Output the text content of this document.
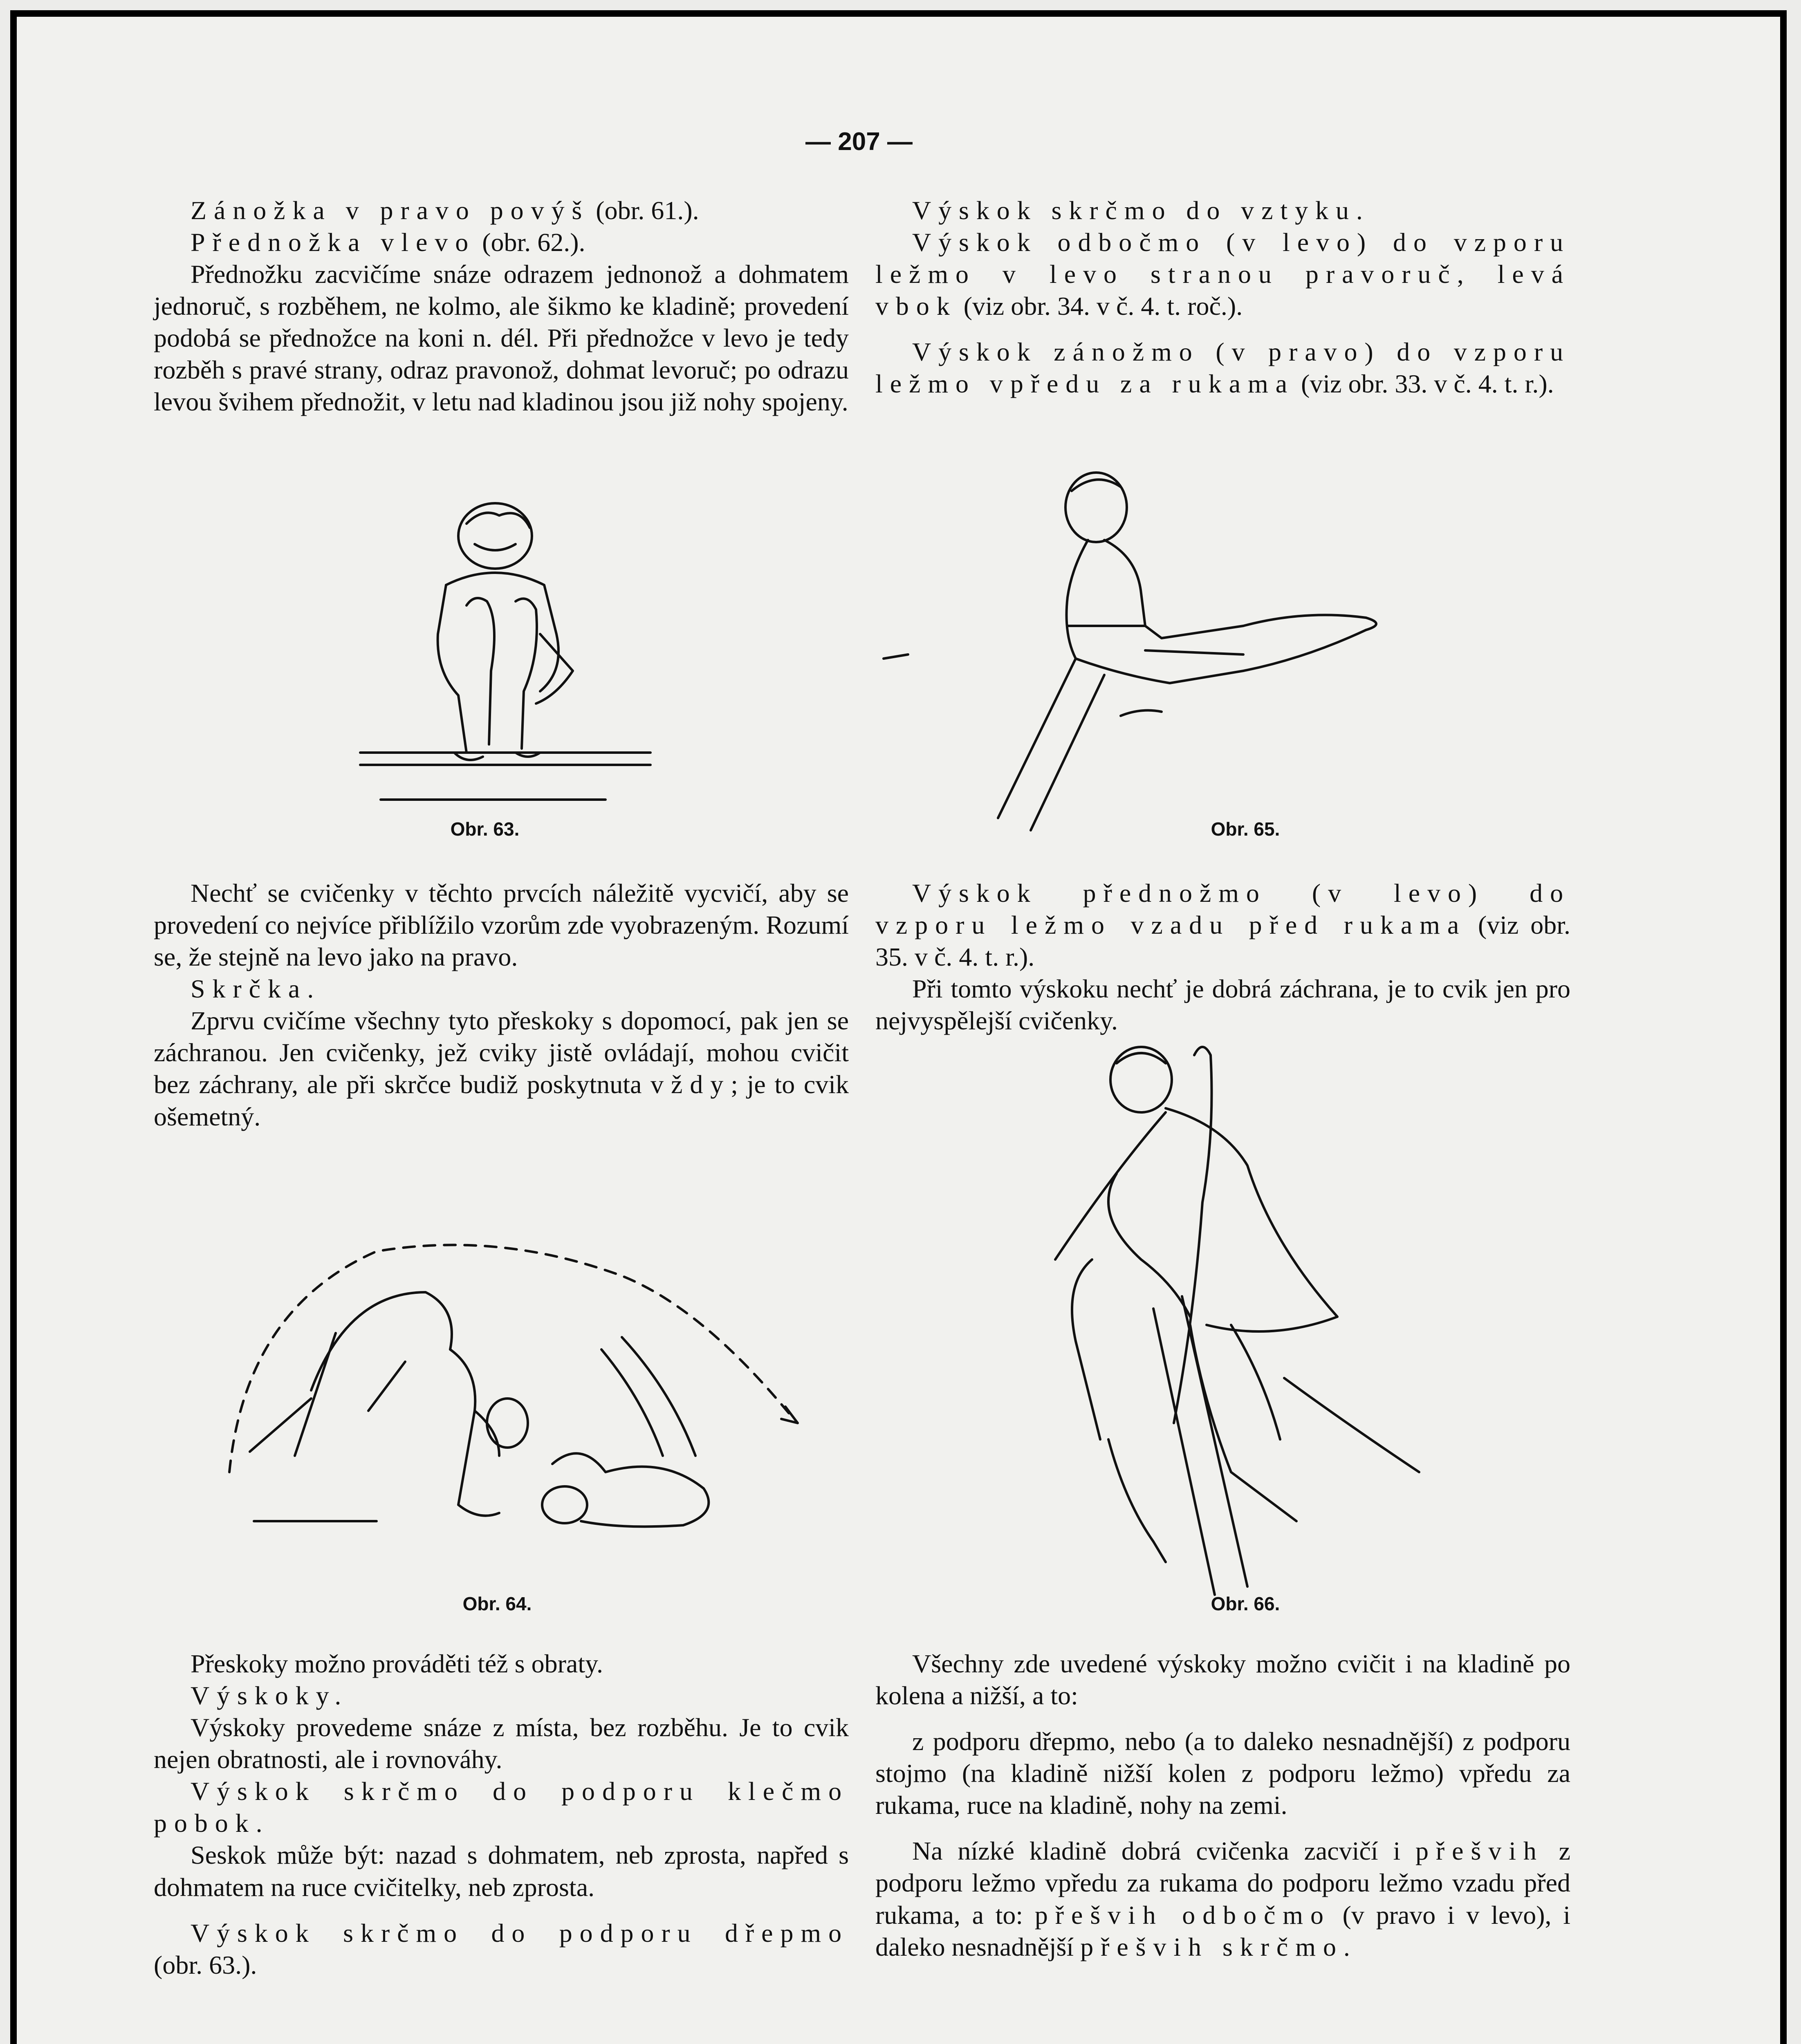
— 207 —

Zánožka v pravo povýš (obr. 61.).

Přednožka vlevo (obr. 62.).

Přednožku zacvičíme snáze odrazem jednonož a dohmatem jednoruč, s rozběhem, ne kolmo, ale šikmo ke kladině; provedení podobá se přednožce na koni n. dél. Při přednožce v levo je tedy rozběh s pravé strany, odraz pravonož, dohmat levoruč; po odrazu levou švihem přednožit, v letu nad kladinou jsou již nohy spojeny.

Výskok skrčmo do vztyku.

Výskok odbočmo (v levo) do vzporu ležmo v levo stranou pravoruč, levá vbok (viz obr. 34. v č. 4. t. roč.).

Výskok zánožmo (v pravo) do vzporu ležmo vpředu za rukama (viz obr. 33. v č. 4. t. r.).

Obr. 63.	Obr. 65.

Nechť se cvičenky v těchto prvcích náležitě vycvičí, aby se provedení co nejvíce přiblížilo vzorům zde vyobrazeným. Rozumí se, že stejně na levo jako na pravo.

Skrčka.

Zprvu cvičíme všechny tyto přeskoky s dopomocí, pak jen se záchranou. Jen cvičenky, jež cviky jistě ovládají, mohou cvičit bez záchrany, ale při skrčce budiž poskytnuta vždy; je to cvik ošemetný.

Výskok přednožmo (v levo) do vzporu ležmo vzadu před rukama (viz obr. 35. v č. 4. t. r.).

Při tomto výskoku nechť je dobrá záchrana, je to cvik jen pro nejvyspělejší cvičenky.

Obr. 64.	Obr. 66.

Přeskoky možno prováděti též s obraty.

Výskoky.

Výskoky provedeme snáze z místa, bez rozběhu. Je to cvik nejen obratnosti, ale i rovnováhy.

Výskok skrčmo do podporu klečmo pobok.

Seskok může být: nazad s dohmatem, neb zprosta, napřed s dohmatem na ruce cvičitelky, neb zprosta.

Výskok skrčmo do podporu dřepmo (obr. 63.).

Všechny zde uvedené výskoky možno cvičit i na kladině po kolena a nižší, a to:

z podporu dřepmo, nebo (a to daleko nesnadnější) z podporu stojmo (na kladině nižší kolen z podporu ležmo) vpředu za rukama, ruce na kladině, nohy na zemi.

Na nízké kladině dobrá cvičenka zacvičí i přešvih z podporu ležmo vpředu za rukama do podporu ležmo vzadu před rukama, a to: přešvih odbočmo (v pravo i v levo), i daleko nesnadnější přešvih skrčmo.
